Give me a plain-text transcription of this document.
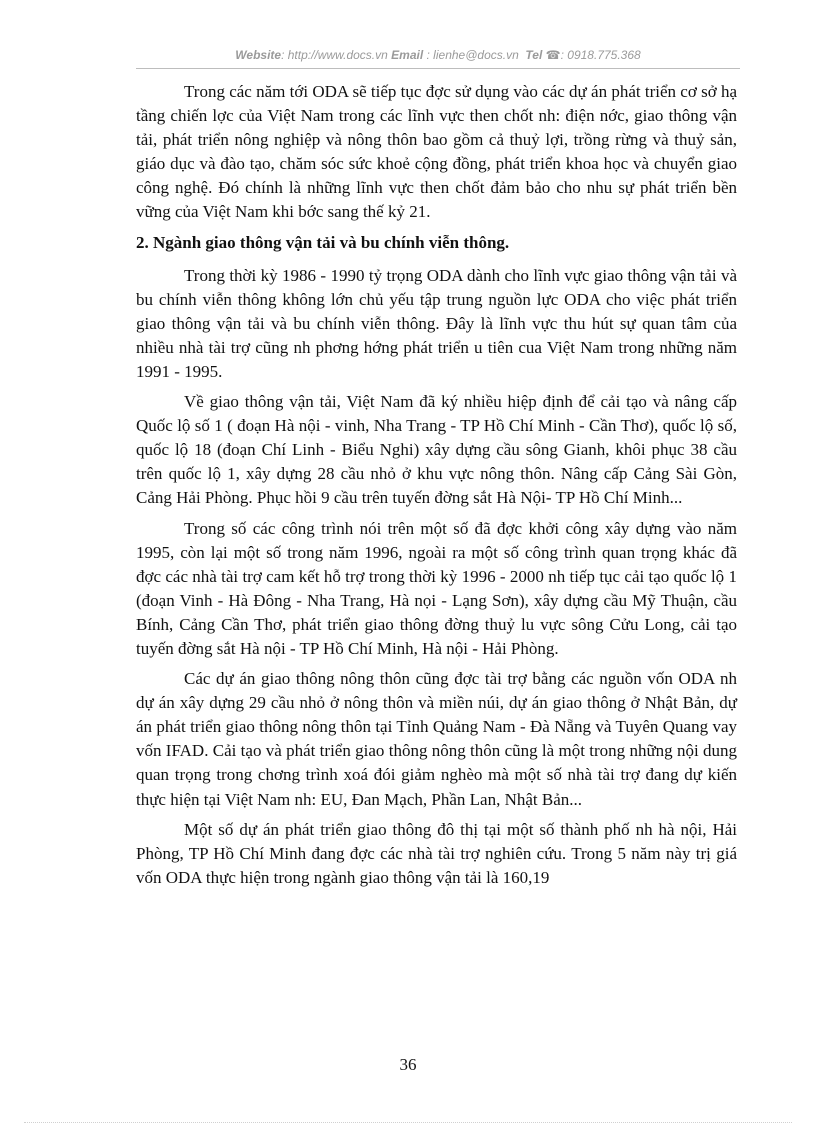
Website: http://www.docs.vn Email : lienhe@docs.vn Tel ☎: 0918.775.368

Trong các năm tới ODA sẽ tiếp tục đợc sử dụng vào các dự án phát triển cơ sở hạ tầng chiến lợc của Việt Nam trong các lĩnh vực then chốt nh: điện nớc, giao thông vận tải, phát triển nông nghiệp và nông thôn bao gồm cả thuỷ lợi, trồng rừng và thuỷ sản, giáo dục và đào tạo, chăm sóc sức khoẻ cộng đồng, phát triển khoa học và chuyển giao công nghệ. Đó chính là những lĩnh vực then chốt đảm bảo cho nhu sự phát triển bền vững của Việt Nam khi bớc sang thế kỷ 21.

2. Ngành giao thông vận tải và bu chính viễn thông.

Trong thời kỳ 1986 - 1990 tỷ trọng ODA dành cho lĩnh vực giao thông vận tải và bu chính viễn thông không lớn chủ yếu tập trung nguồn lực ODA cho việc phát triển giao thông vận tải và bu chính viễn thông. Đây là lĩnh vực thu hút sự quan tâm của nhiều nhà tài trợ cũng nh phơng hớng phát triển u tiên cua Việt Nam trong những năm 1991 - 1995.

Về giao thông vận tải, Việt Nam đã ký nhiều hiệp định để cải tạo và nâng cấp Quốc lộ số 1 ( đoạn Hà nội - vinh, Nha Trang - TP Hồ Chí Minh - Cần Thơ), quốc lộ số, quốc lộ 18 (đoạn Chí Linh - Biểu Nghi) xây dựng cầu sông Gianh, khôi phục 38 cầu trên quốc lộ 1, xây dựng 28 cầu nhỏ ở khu vực nông thôn. Nâng cấp Cảng Sài Gòn, Cảng Hải Phòng. Phục hồi 9 cầu trên tuyến đờng sắt Hà Nội- TP Hồ Chí Minh...

Trong số các công trình nói trên một số đã đợc khởi công xây dựng vào năm 1995, còn lại một số trong năm 1996, ngoài ra một số công trình quan trọng khác đã đợc các nhà tài trợ cam kết hỗ trợ trong thời kỳ 1996 - 2000 nh tiếp tục cải tạo quốc lộ 1 (đoạn Vinh - Hà Đông - Nha Trang, Hà nọi - Lạng Sơn), xây dựng cầu Mỹ Thuận, cầu Bính, Cảng Cần Thơ, phát triển giao thông đờng thuỷ lu vực sông Cửu Long, cải tạo tuyến đờng sắt Hà nội - TP Hồ Chí Minh, Hà nội - Hải Phòng.

Các dự án giao thông nông thôn cũng đợc tài trợ bằng các nguồn vốn ODA nh dự án xây dựng 29 cầu nhỏ ở nông thôn và miền núi, dự án giao thông ở Nhật Bản, dự án phát triển giao thông nông thôn tại Tỉnh Quảng Nam - Đà Nẵng và Tuyên Quang vay vốn IFAD. Cải tạo và phát triển giao thông nông thôn cũng là một trong những nội dung quan trọng trong chơng trình xoá đói giảm nghèo mà một số nhà tài trợ đang dự kiến thực hiện tại Việt Nam nh: EU, Đan Mạch, Phần Lan, Nhật Bản...

Một số dự án phát triển giao thông đô thị tại một số thành phố nh hà nội, Hải Phòng, TP Hồ Chí Minh đang đợc các nhà tài trợ nghiên cứu. Trong 5 năm này trị giá vốn ODA thực hiện trong ngành giao thông vận tải là 160,19

36
